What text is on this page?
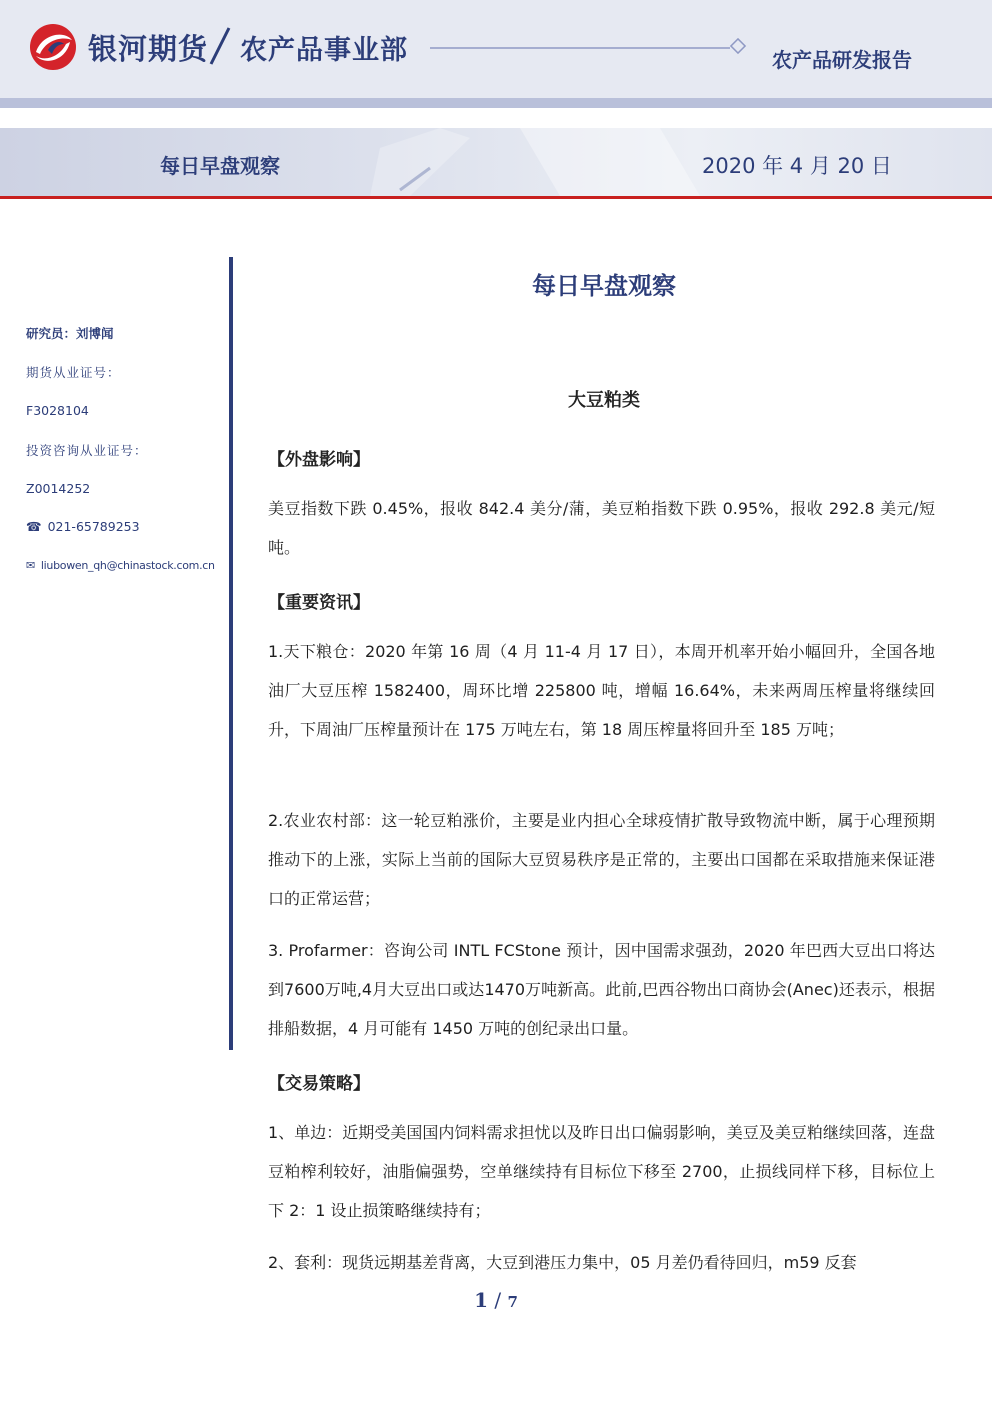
银河期货 农产品事业部	农产品研发报告
每日早盘观察	2020 年 4 月 20 日
研究员：刘博闻
期货从业证号：
F3028104
投资咨询从业证号：
Z0014252
☎ 021-65789253
✉ liubowen_qh@chinastock.com.cn
每日早盘观察
大豆粕类
【外盘影响】
美豆指数下跌 0.45%，报收 842.4 美分/蒲，美豆粕指数下跌 0.95%，报收 292.8 美元/短吨。
【重要资讯】
1.天下粮仓：2020 年第 16 周（4 月 11-4 月 17 日），本周开机率开始小幅回升，全国各地油厂大豆压榨 1582400，周环比增 225800 吨，增幅 16.64%，未来两周压榨量将继续回升，下周油厂压榨量预计在 175 万吨左右，第 18 周压榨量将回升至 185 万吨；
2.农业农村部：这一轮豆粕涨价，主要是业内担心全球疫情扩散导致物流中断，属于心理预期推动下的上涨，实际上当前的国际大豆贸易秩序是正常的，主要出口国都在采取措施来保证港口的正常运营；
3. Profarmer：咨询公司 INTL FCStone 预计，因中国需求强劲，2020 年巴西大豆出口将达到7600万吨,4月大豆出口或达1470万吨新高。此前,巴西谷物出口商协会(Anec)还表示，根据排船数据，4 月可能有 1450 万吨的创纪录出口量。
【交易策略】
1、单边：近期受美国国内饲料需求担忧以及昨日出口偏弱影响，美豆及美豆粕继续回落，连盘豆粕榨利较好，油脂偏强势，空单继续持有目标位下移至 2700，止损线同样下移，目标位上下 2：1 设止损策略继续持有；
2、套利：现货远期基差背离，大豆到港压力集中，05 月差仍看待回归，m59 反套
1 / 7
